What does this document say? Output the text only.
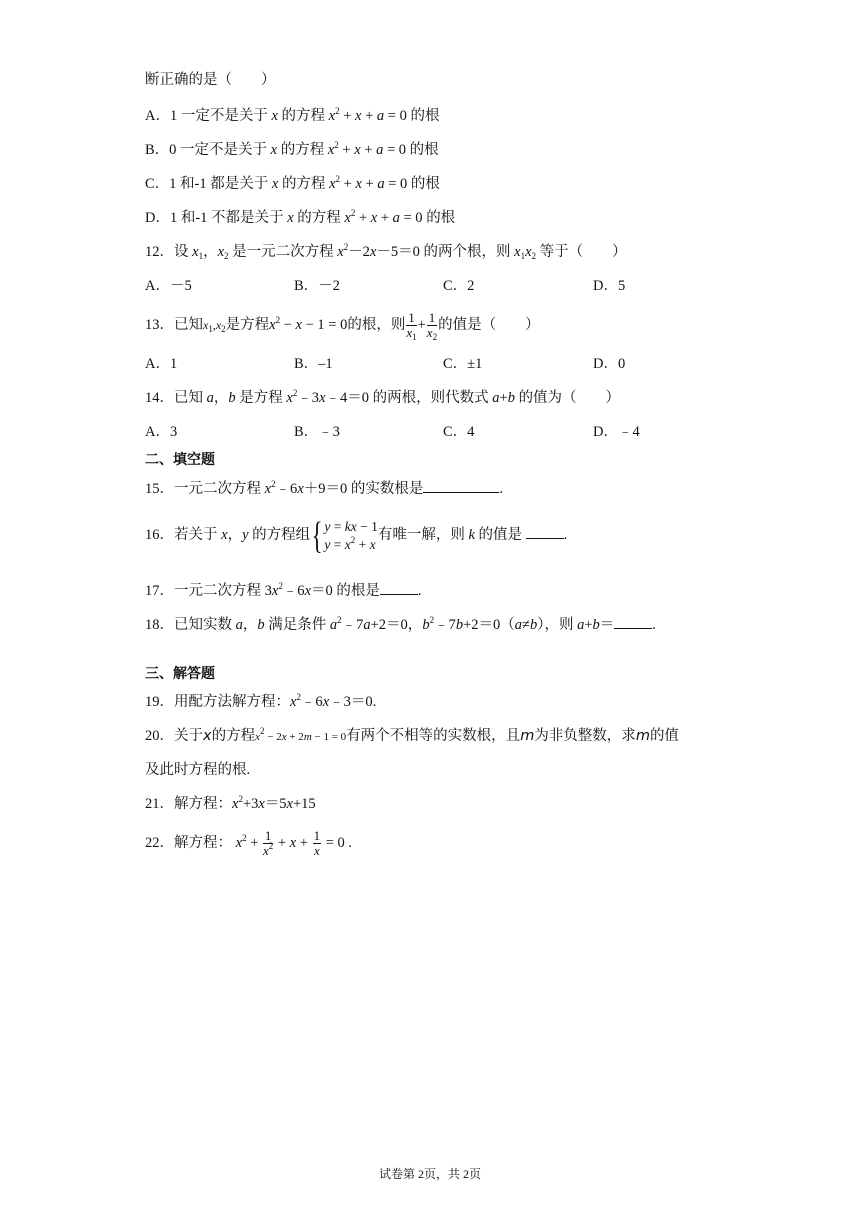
断正确的是（　　）
A．1 一定不是关于 x 的方程 $x^2 + x + a = 0$ 的根
B．0 一定不是关于 x 的方程 $x^2 + x + a = 0$ 的根
C．1 和-1 都是关于 x 的方程 $x^2 + x + a = 0$ 的根
D．1 和-1 不都是关于 x 的方程 $x^2 + x + a = 0$ 的根
12．设 $x_1$，$x_2$ 是一元二次方程 $x^2-2x-5=0$ 的两个根，则 $x_1x_2$ 等于（　　）
A．－5	B．－2	C．2	D．5
13．已知$x_1,x_2$是方程$x^2 - x - 1 = 0$的根，则 $\frac{1}{x_1} + \frac{1}{x_2}$ 的值是（　　）
A．1	B．–1	C．±1	D．0
14．已知 a，b 是方程 $x^2﹣3x﹣4=0$ 的两根，则代数式 a+b 的值为（　　）
A．3	B．﹣3	C．4	D．﹣4
二、填空题
15．一元二次方程 $x^2﹣6x+9=0$ 的实数根是	.
16．若关于 x，y 的方程组{ y = kx − 1
$y = x^2 + x$
有唯一解，则 k 的值是	.
17．一元二次方程 $3x^2﹣6x=0$ 的根是	.
18．已知实数 a，b 满足条件 $a^2﹣7a+2=0$，$b^2﹣7b+2=0(a\ne b)$，则 a+b＝	.
三、解答题
19．用配方法解方程：$x^2﹣6x﹣3=0$.
20．关于x的方程$x^2 - 2x + 2m - 1 = 0$有两个不相等的实数根，且m为非负整数，求m的值
及此时方程的根.
21．解方程：$x^2+3x=5x+15$
22．解方程： $x^2 + \frac{1}{x^2} + x + \frac{1}{x} = 0$ .
试卷第 2页，共 2页
